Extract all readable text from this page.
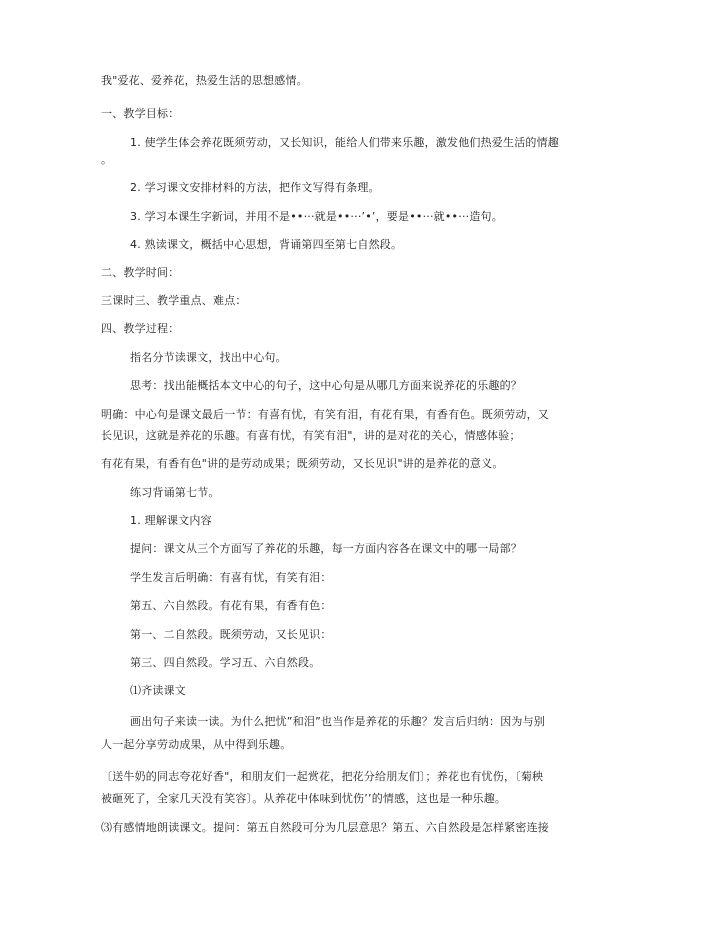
我"爱花、爱养花，热爱生活的思想感情。
一、教学目标：
1. 使学生体会养花既须劳动，又长知识，能给人们带来乐趣，激发他们热爱生活的情趣
。
2. 学习课文安排材料的方法，把作文写得有条理。
3. 学习本课生字新词，并用不是••···就是••···’•’，要是••···就••···造句。
4. 熟读课文，概括中心思想，背诵第四至第七自然段。
二、教学时间：
三课时三、教学重点、难点：
四、教学过程：
指名分节读课文，找出中心句。
思考：找出能概括本文中心的句子，这中心句是从哪几方面来说养花的乐趣的？
明确：中心句是课文最后一节：有喜有忧，有笑有泪，有花有果，有香有色。既须劳动，又
长见识，这就是养花的乐趣。有喜有忧，有笑有泪"，讲的是对花的关心，情感体验；
有花有果，有香有色"讲的是劳动成果；既须劳动，又长见识"讲的是养花的意义。
练习背诵第七节。
1. 理解课文内容
提问：课文从三个方面写了养花的乐趣，每一方面内容各在课文中的哪一局部？
学生发言后明确：有喜有忧，有笑有泪：
第五、六自然段。有花有果，有香有色：
第一、二自然段。既须劳动，又长见识：
第三、四自然段。学习五、六自然段。
⑴齐读课文
画出句子来读一读。为什么把忧”和泪”也当作是养花的乐趣？发言后归纳：因为与别
人一起分享劳动成果，从中得到乐趣。
〔送牛奶的同志夸花好香"，和朋友们一起赏花，把花分给朋友们〕；养花也有忧伤，〔菊秧
被砸死了，全家几天没有笑容〕。从养花中体味到忧伤’’的情感，这也是一种乐趣。
⑶有感情地朗读课文。提问：第五自然段可分为几层意思？第五、六自然段是怎样紧密连接
